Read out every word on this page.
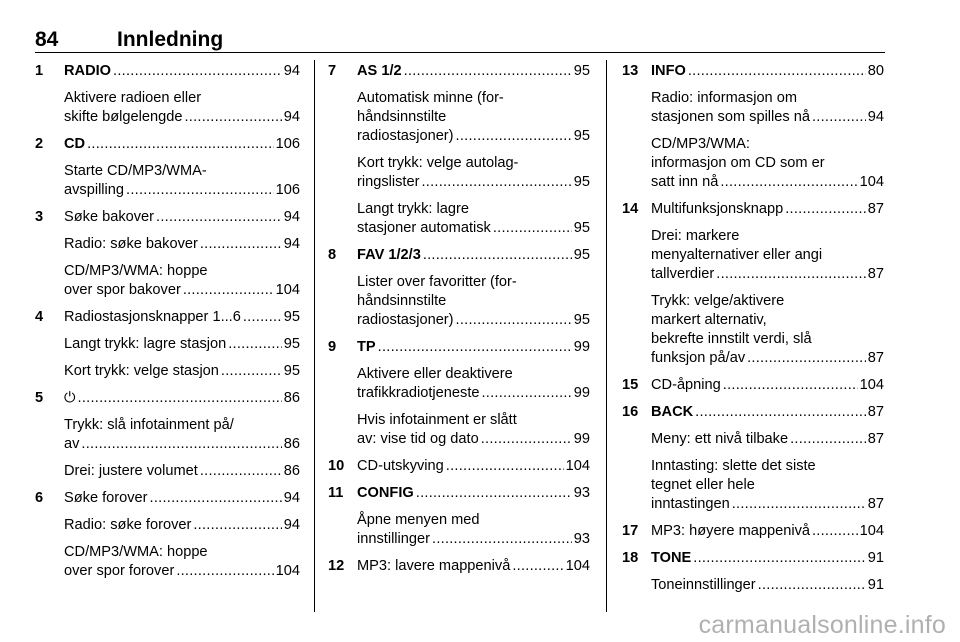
84	Innledning
1 RADIO . . .	94
Aktivere radioen eller
skifte bølgelengde . . .	94
2 CD . . .	106
Starte CD/MP3/WMA-
avspilling . . .	106
3 Søke bakover . . .	94
Radio: søke bakover . . .	94
CD/MP3/WMA: hoppe
over spor bakover . . .	104
4 Radiostasjonsknapper 1...6 . . .	95
Langt trykk: lagre stasjon . . .	95
Kort trykk: velge stasjon . . .	95
5 ⏻ . . .	86
Trykk: slå infotainment på/
av . . .	86
Drei: justere volumet . . .	86
6 Søke forover . . .	94
Radio: søke forover . . .	94
CD/MP3/WMA: hoppe
over spor forover . . .	104
7 AS 1/2 . . .	95
Automatisk minne (for-
håndsinnstilte
radiostasjoner) . . .	95
Kort trykk: velge autolag-
ringslister . . .	95
Langt trykk: lagre
stasjoner automatisk . . .	95
8 FAV 1/2/3 . . .	95
Lister over favoritter (for-
håndsinnstilte
radiostasjoner) . . .	95
9 TP . . .	99
Aktivere eller deaktivere
trafikkradiotjeneste . . .	99
Hvis infotainment er slått
av: vise tid og dato . . .	99
10 CD-utskyving . . .	104
11 CONFIG . . .	93
Åpne menyen med
innstillinger . . .	93
12 MP3: lavere mappenivå . . .	104
13 INFO . . .	80
Radio: informasjon om
stasjonen som spilles nå . . .	94
CD/MP3/WMA:
informasjon om CD som er
satt inn nå . . .	104
14 Multifunksjonsknapp . . .	87
Drei: markere
menyalternativer eller angi
tallverdier . . .	87
Trykk: velge/aktivere
markert alternativ,
bekrefte innstilt verdi, slå
funksjon på/av . . .	87
15 CD-åpning . . .	104
16 BACK . . .	87
Meny: ett nivå tilbake . . .	87
Inntasting: slette det siste
tegnet eller hele
inntastingen . . .	87
17 MP3: høyere mappenivå . . .	104
18 TONE . . .	91
Toneinnstillinger . . .	91
carmanualsonline.info
